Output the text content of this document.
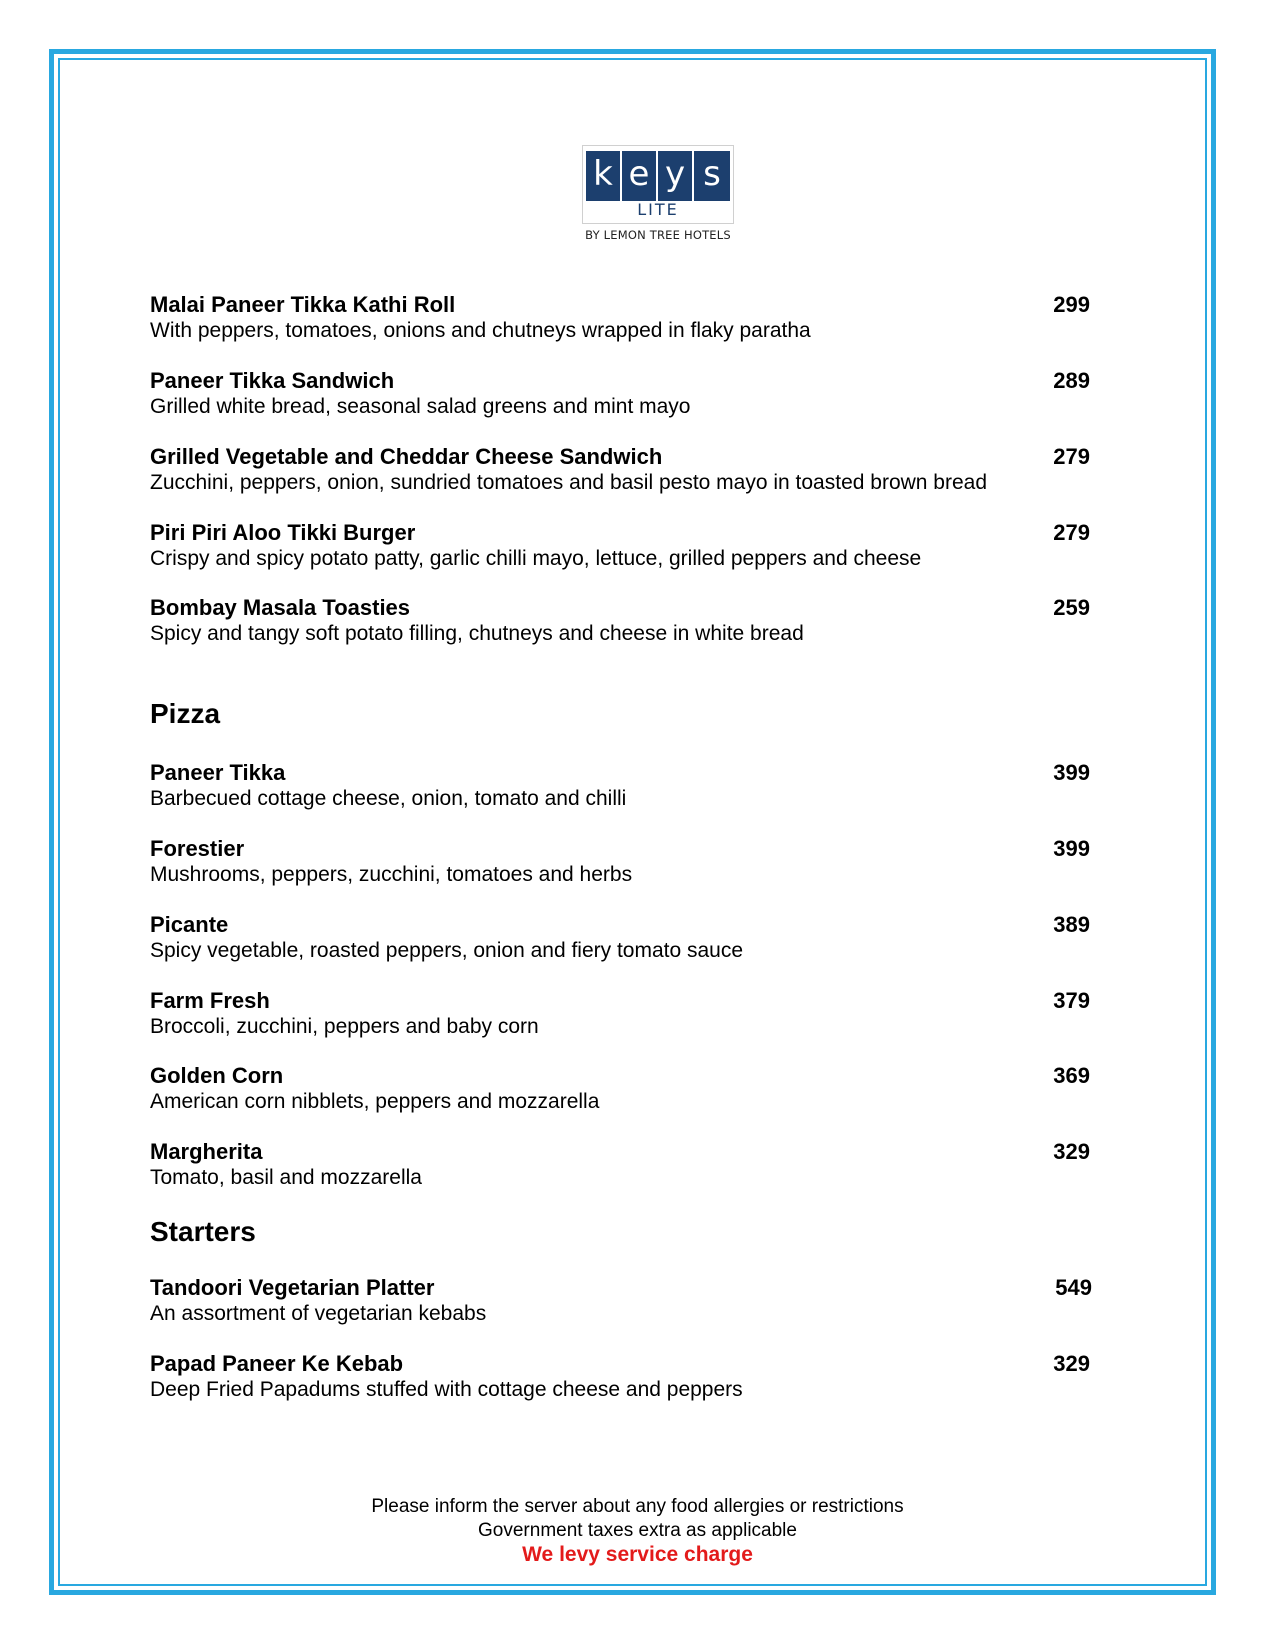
k e y s
LITE
BY LEMON TREE HOTELS
Malai Paneer Tikka Kathi Roll
With peppers, tomatoes, onions and chutneys wrapped in flaky paratha
299
Paneer Tikka Sandwich
Grilled white bread, seasonal salad greens and mint mayo
289
Grilled Vegetable and Cheddar Cheese Sandwich
Zucchini, peppers, onion, sundried tomatoes and basil pesto mayo in toasted brown bread
279
Piri Piri Aloo Tikki Burger
Crispy and spicy potato patty, garlic chilli mayo, lettuce, grilled peppers and cheese
279
Bombay Masala Toasties
Spicy and tangy soft potato filling, chutneys and cheese in white bread
259
Pizza
Paneer Tikka
Barbecued cottage cheese, onion, tomato and chilli
399
Forestier
Mushrooms, peppers, zucchini, tomatoes and herbs
399
Picante
Spicy vegetable, roasted peppers, onion and fiery tomato sauce
389
Farm Fresh
Broccoli, zucchini, peppers and baby corn
379
Golden Corn
American corn nibblets, peppers and mozzarella
369
Margherita
Tomato, basil and mozzarella
329
Starters
Tandoori Vegetarian Platter
An assortment of vegetarian kebabs
549
Papad Paneer Ke Kebab
Deep Fried Papadums stuffed with cottage cheese and peppers
329
Please inform the server about any food allergies or restrictions
Government taxes extra as applicable
We levy service charge
